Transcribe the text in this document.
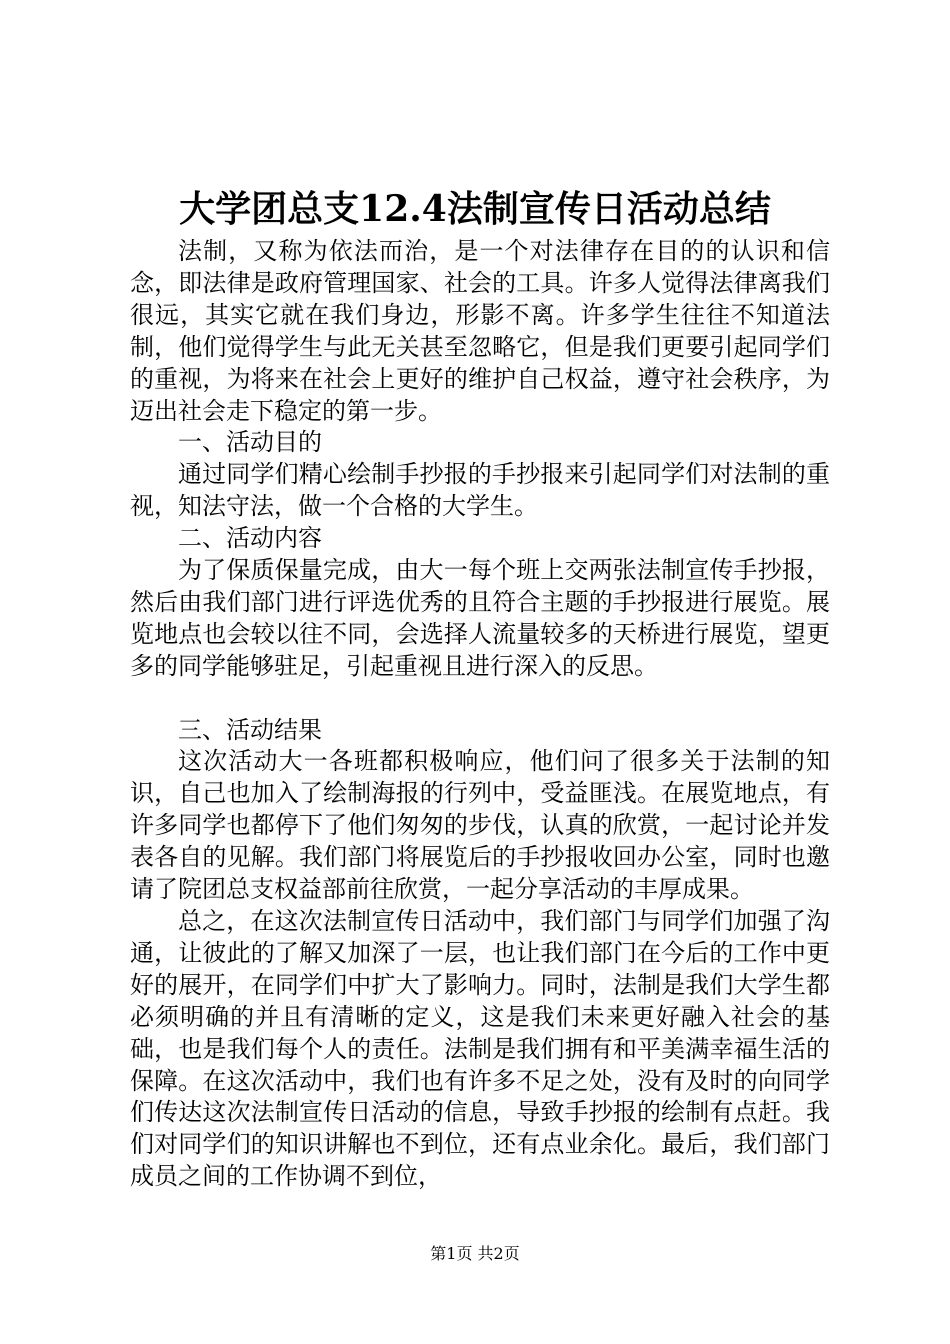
大学团总支12.4法制宣传日活动总结

法制，又称为依法而治，是一个对法律存在目的的认识和信念，即法律是政府管理国家、社会的工具。许多人觉得法律离我们很远，其实它就在我们身边，形影不离。许多学生往往不知道法制，他们觉得学生与此无关甚至忽略它，但是我们更要引起同学们的重视，为将来在社会上更好的维护自己权益，遵守社会秩序，为迈出社会走下稳定的第一步。

一、活动目的

通过同学们精心绘制手抄报的手抄报来引起同学们对法制的重视，知法守法，做一个合格的大学生。

二、活动内容

为了保质保量完成，由大一每个班上交两张法制宣传手抄报，然后由我们部门进行评选优秀的且符合主题的手抄报进行展览。展览地点也会较以往不同，会选择人流量较多的天桥进行展览，望更多的同学能够驻足，引起重视且进行深入的反思。

三、活动结果

这次活动大一各班都积极响应，他们问了很多关于法制的知识，自己也加入了绘制海报的行列中，受益匪浅。在展览地点，有许多同学也都停下了他们匆匆的步伐，认真的欣赏，一起讨论并发表各自的见解。我们部门将展览后的手抄报收回办公室，同时也邀请了院团总支权益部前往欣赏，一起分享活动的丰厚成果。

总之，在这次法制宣传日活动中，我们部门与同学们加强了沟通，让彼此的了解又加深了一层，也让我们部门在今后的工作中更好的展开，在同学们中扩大了影响力。同时，法制是我们大学生都必须明确的并且有清晰的定义，这是我们未来更好融入社会的基础，也是我们每个人的责任。法制是我们拥有和平美满幸福生活的保障。在这次活动中，我们也有许多不足之处，没有及时的向同学们传达这次法制宣传日活动的信息，导致手抄报的绘制有点赶。我们对同学们的知识讲解也不到位，还有点业余化。最后，我们部门成员之间的工作协调不到位，

第1页 共2页
